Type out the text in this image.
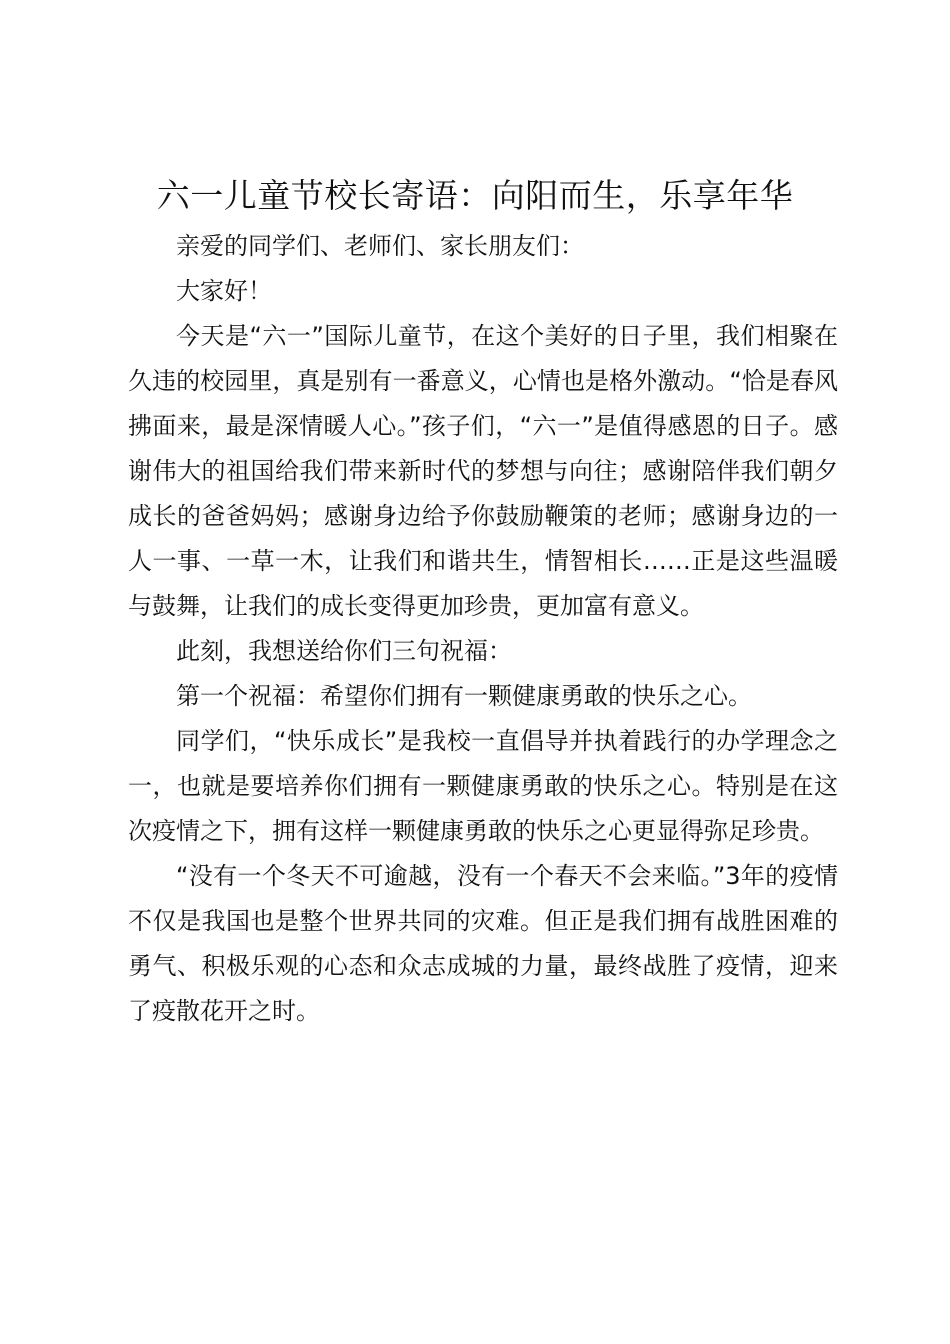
六一儿童节校长寄语：向阳而生，乐享年华

亲爱的同学们、老师们、家长朋友们：

大家好！

今天是“六一”国际儿童节，在这个美好的日子里，我们相聚在久违的校园里，真是别有一番意义，心情也是格外激动。“恰是春风拂面来，最是深情暖人心。”孩子们，“六一”是值得感恩的日子。感谢伟大的祖国给我们带来新时代的梦想与向往；感谢陪伴我们朝夕成长的爸爸妈妈；感谢身边给予你鼓励鞭策的老师；感谢身边的一人一事、一草一木，让我们和谐共生，情智相长……正是这些温暖与鼓舞，让我们的成长变得更加珍贵，更加富有意义。

此刻，我想送给你们三句祝福：

第一个祝福：希望你们拥有一颗健康勇敢的快乐之心。

同学们，“快乐成长”是我校一直倡导并执着践行的办学理念之一，也就是要培养你们拥有一颗健康勇敢的快乐之心。特别是在这次疫情之下，拥有这样一颗健康勇敢的快乐之心更显得弥足珍贵。

“没有一个冬天不可逾越，没有一个春天不会来临。”3年的疫情不仅是我国也是整个世界共同的灾难。但正是我们拥有战胜困难的勇气、积极乐观的心态和众志成城的力量，最终战胜了疫情，迎来了疫散花开之时。
